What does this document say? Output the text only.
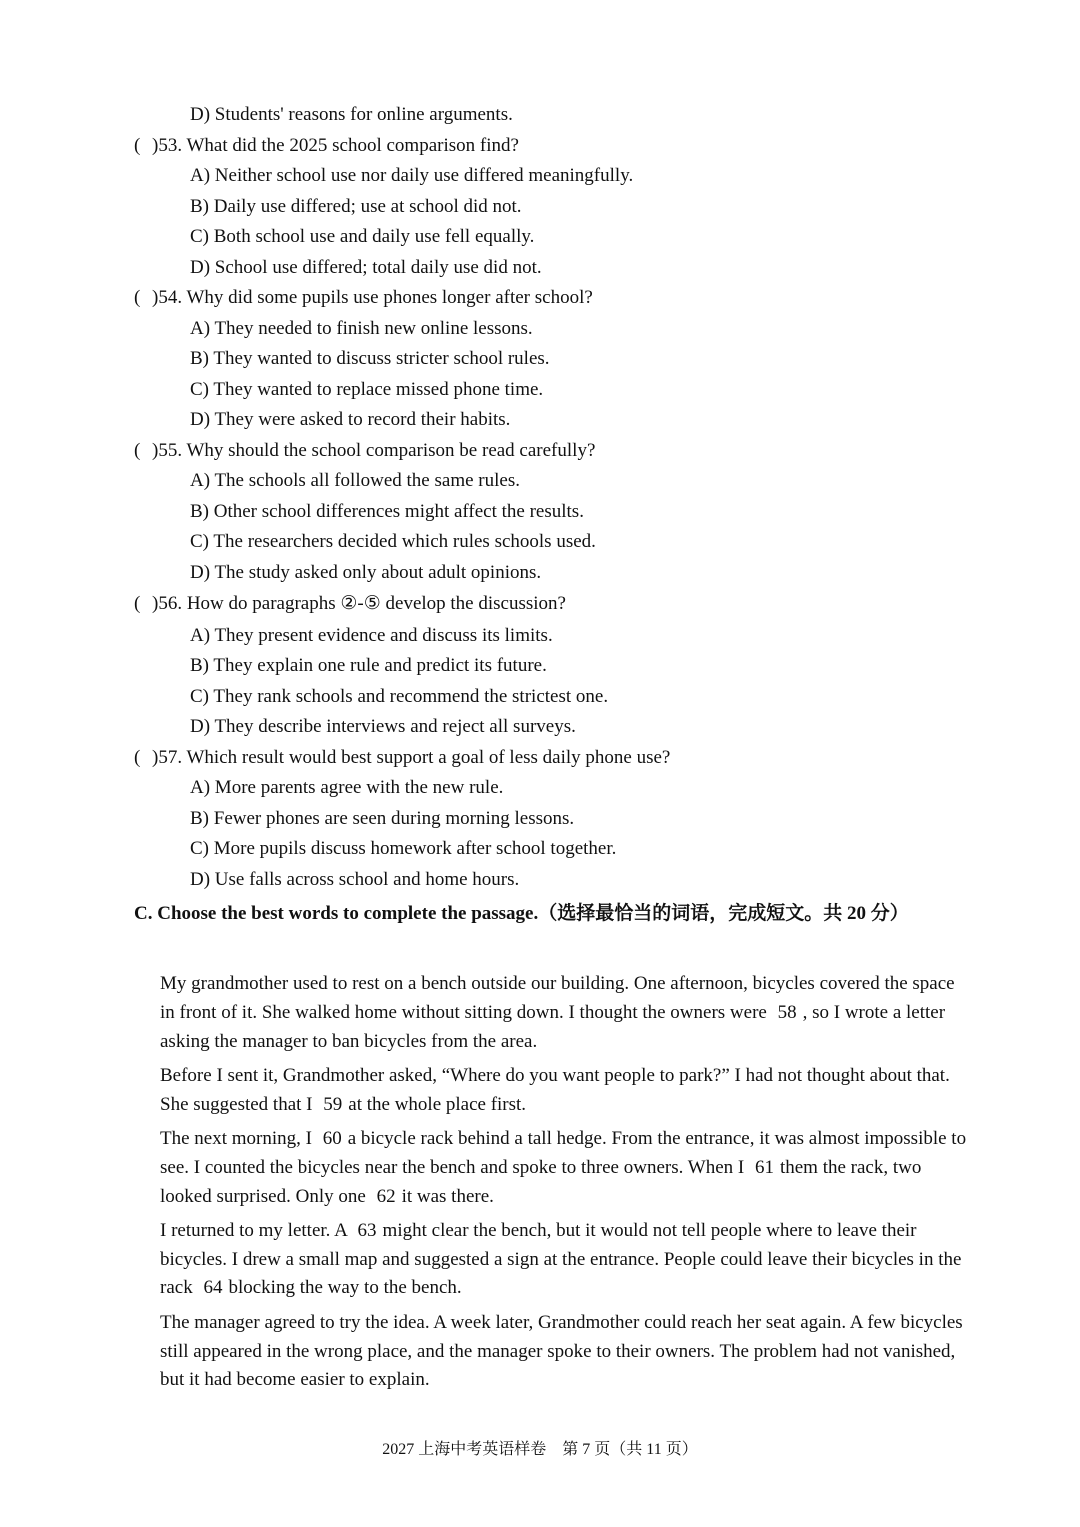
D) Students' reasons for online arguments.
( )53. What did the 2025 school comparison find?
A) Neither school use nor daily use differed meaningfully.
B) Daily use differed; use at school did not.
C) Both school use and daily use fell equally.
D) School use differed; total daily use did not.
( )54. Why did some pupils use phones longer after school?
A) They needed to finish new online lessons.
B) They wanted to discuss stricter school rules.
C) They wanted to replace missed phone time.
D) They were asked to record their habits.
( )55. Why should the school comparison be read carefully?
A) The schools all followed the same rules.
B) Other school differences might affect the results.
C) The researchers decided which rules schools used.
D) The study asked only about adult opinions.
( )56. How do paragraphs ②-⑤ develop the discussion?
A) They present evidence and discuss its limits.
B) They explain one rule and predict its future.
C) They rank schools and recommend the strictest one.
D) They describe interviews and reject all surveys.
( )57. Which result would best support a goal of less daily phone use?
A) More parents agree with the new rule.
B) Fewer phones are seen during morning lessons.
C) More pupils discuss homework after school together.
D) Use falls across school and home hours.
C. Choose the best words to complete the passage.（选择最恰当的词语，完成短文。共 20 分）

My grandmother used to rest on a bench outside our building. One afternoon, bicycles covered the space in front of it. She walked home without sitting down. I thought the owners were 58 , so I wrote a letter asking the manager to ban bicycles from the area.

Before I sent it, Grandmother asked, “Where do you want people to park?” I had not thought about that. She suggested that I 59 at the whole place first.

The next morning, I 60 a bicycle rack behind a tall hedge. From the entrance, it was almost impossible to see. I counted the bicycles near the bench and spoke to three owners. When I 61 them the rack, two looked surprised. Only one 62 it was there.

I returned to my letter. A 63 might clear the bench, but it would not tell people where to leave their bicycles. I drew a small map and suggested a sign at the entrance. People could leave their bicycles in the rack 64 blocking the way to the bench.

The manager agreed to try the idea. A week later, Grandmother could reach her seat again. A few bicycles still appeared in the wrong place, and the manager spoke to their owners. The problem had not vanished, but it had become easier to explain.

2027 上海中考英语样卷　第 7 页（共 11 页）
